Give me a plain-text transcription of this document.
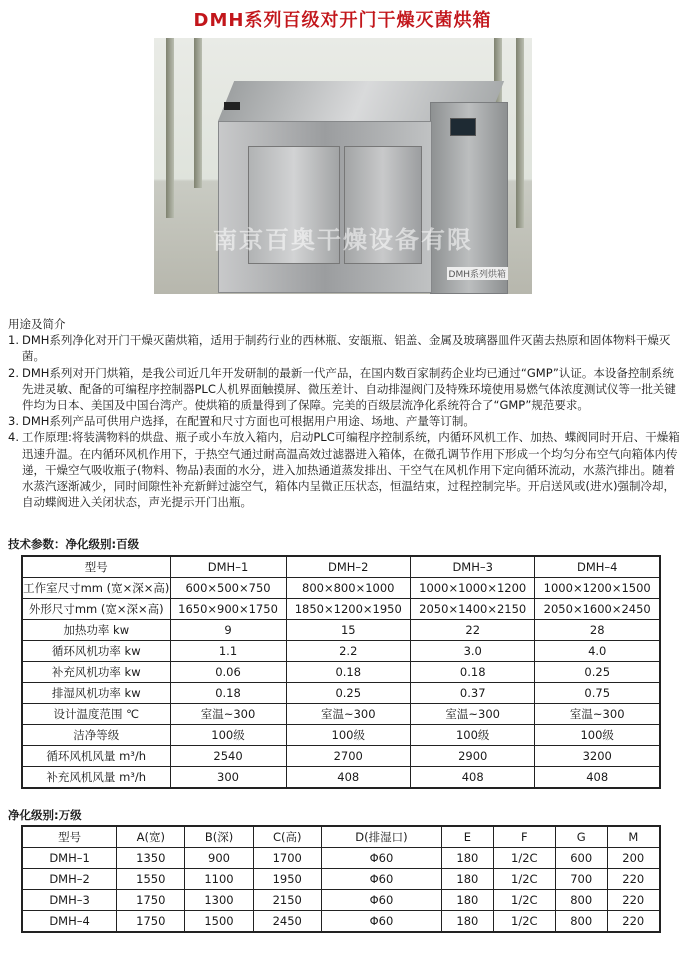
DMH系列百级对开门干燥灭菌烘箱
南京百奥干燥设备有限
DMH系列烘箱

用途及简介

1. DMH系列净化对开门干燥灭菌烘箱，适用于制药行业的西林瓶、安瓿瓶、铝盖、金属及玻璃器皿件灭菌去热原和固体物料干燥灭菌。
2. DMH系列对开门烘箱，是我公司近几年开发研制的最新一代产品，在国内数百家制药企业均已通过“GMP”认证。本设备控制系统先进灵敏、配备的可编程序控制器PLC人机界面触摸屏、微压差计、自动排湿阀门及特殊环境使用易燃气体浓度测试仪等一批关键件均为日本、美国及中国台湾产。使烘箱的质量得到了保障。完美的百级层流净化系统符合了“GMP”规范要求。
3. DMH系列产品可供用户选择，在配置和尺寸方面也可根据用户用途、场地、产量等订制。
4. 工作原理:将装满物料的烘盘、瓶子或小车放入箱内，启动PLC可编程序控制系统，内循环风机工作、加热、蝶阀同时开启、干燥箱迅速升温。在内循环风机作用下，于热空气通过耐高温高效过滤器进入箱体，在微孔调节作用下形成一个均匀分布空气向箱体内传递，干燥空气吸收瓶子(物料、物品)表面的水分，进入加热通道蒸发排出、干空气在风机作用下定向循环流动，水蒸汽排出。随着水蒸汽逐渐减少，同时间隙性补充新鲜过滤空气，箱体内呈微正压状态，恒温结束，过程控制完毕。开启送风或(进水)强制冷却，自动蝶阀进入关闭状态，声光提示开门出瓶。
技术参数：净化级别:百级
型号	DMH–1	DMH–2	DMH–3	DMH–4
工作室尺寸mm (宽×深×高)	600×500×750	800×800×1000	1000×1000×1200	1000×1200×1500
外形尺寸mm (宽×深×高)	1650×900×1750	1850×1200×1950	2050×1400×2150	2050×1600×2450
加热功率 kw	9	15	22	28
循环风机功率 kw	1.1	2.2	3.0	4.0
补充风机功率 kw	0.06	0.18	0.18	0.25
排湿风机功率 kw	0.18	0.25	0.37	0.75
设计温度范围 ℃	室温~300	室温~300	室温~300	室温~300
洁净等级	100级	100级	100级	100级
循环风机风量 m³/h	2540	2700	2900	3200
补充风机风量 m³/h	300	408	408	408
净化级别:万级
型号	A(宽)	B(深)	C(高)	D(排湿口)	E	F	G	M
DMH–1	1350	900	1700	Φ60	180	1/2C	600	200
DMH–2	1550	1100	1950	Φ60	180	1/2C	700	220
DMH–3	1750	1300	2150	Φ60	180	1/2C	800	220
DMH–4	1750	1500	2450	Φ60	180	1/2C	800	220
